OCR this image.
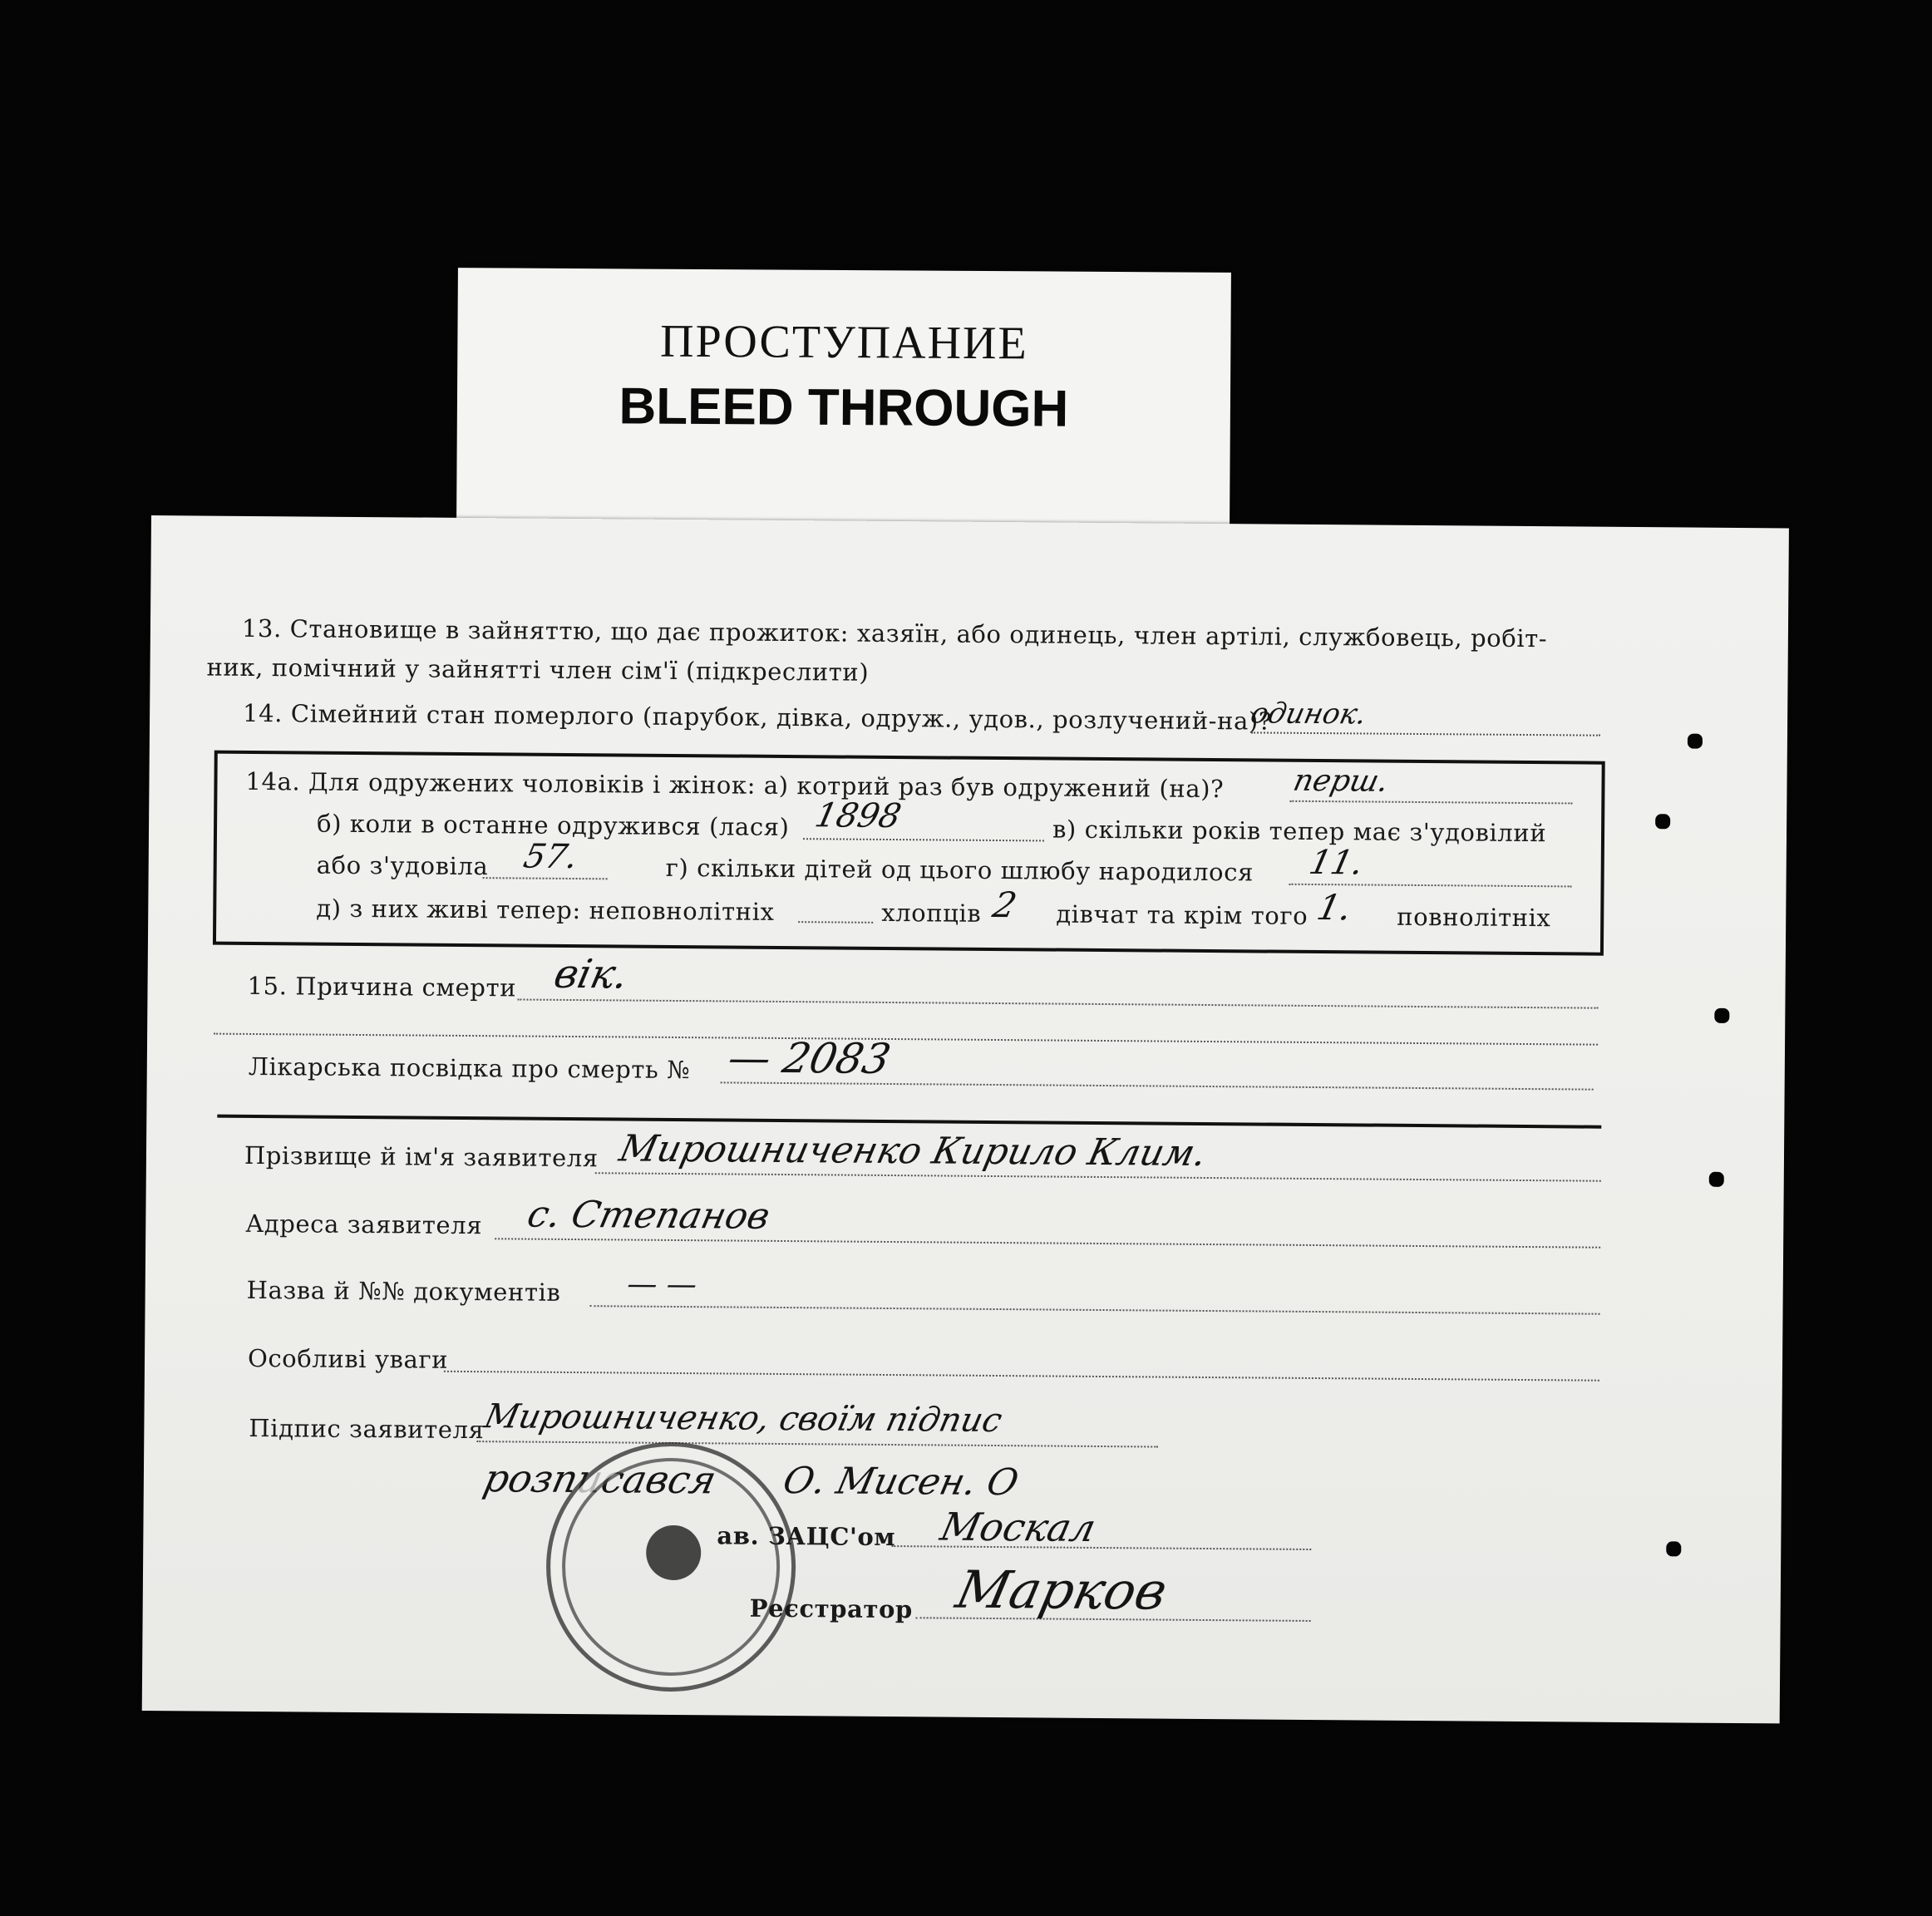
ПРОСТУПАНИЕ
BLEED THROUGH
13. Становище в зайняттю, що дає прожиток: хазяїн, або одинець, член артілі, службовець, робіт-
ник, помічний у зайнятті член сім'ї (підкреслити)
14. Сімейний стан померлого (парубок, дівка, одруж., удов., розлучений-на)?
одинок.
14а. Для одружених чоловіків і жінок: а) котрий раз був одружений (на)? перш.
б) коли в останне одружився (лася) 1898	в) скільки років тепер має з'удовілий
або з'удовіла 57.	г) скільки дітей од цього шлюбу народилося 11.
д) з них живі тепер: неповнолітніх	хлопців 2 дівчат та крім того 1. повнолітніх
15. Причина смерти вік.
Лікарська посвідка про смерть № — 2083
Прізвище й ім'я заявителя Мирошниченко Кирило Клим.
Адреса заявителя с. Степанов
Назва й №№ документів — —
Особливі уваги
Підпис заявителя
Мирошниченко, своїм підпис
розписався О. Мисен. О
ав. ЗАЦС'ом Москал
Реєстратор Марков
